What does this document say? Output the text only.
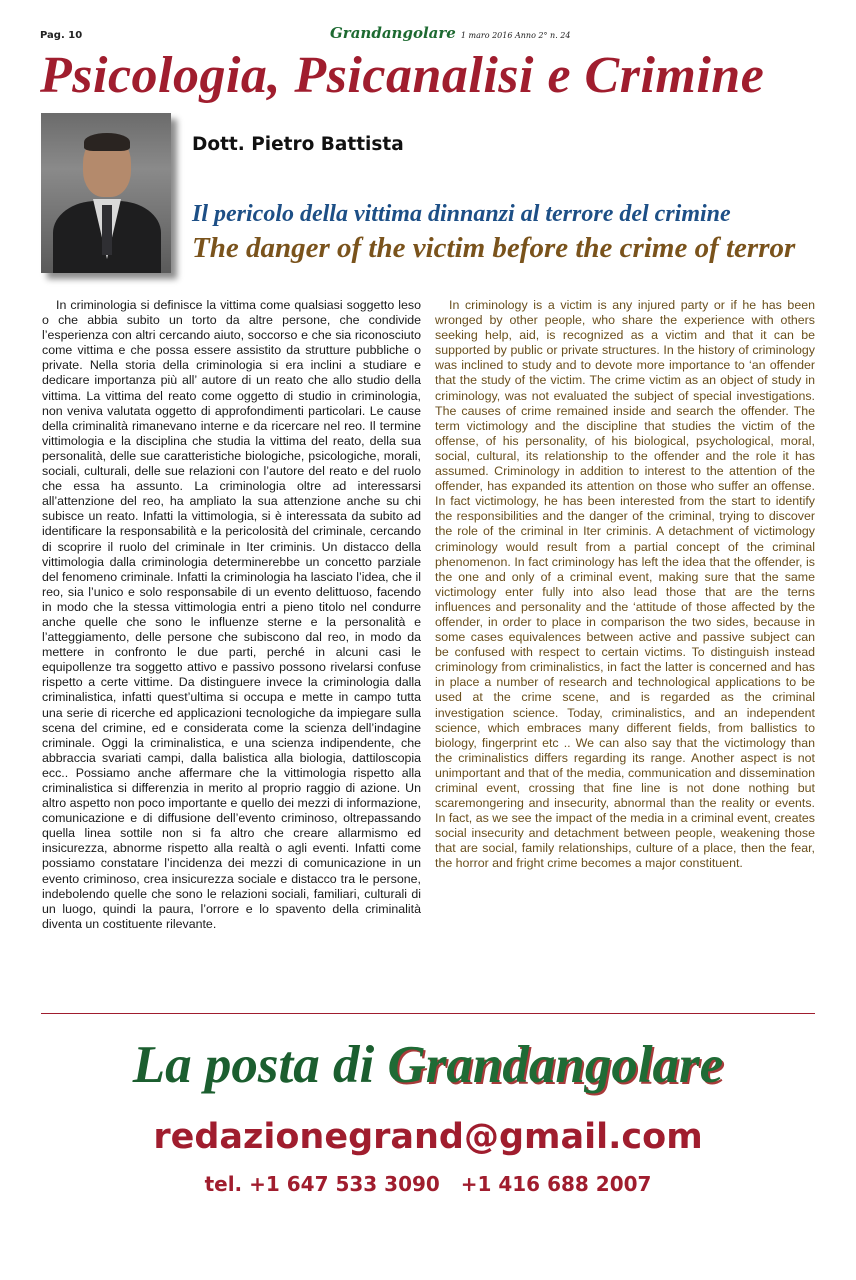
Pag. 10	Grandangolare 1 maro 2016 Anno 2° n. 24
Psicologia, Psicanalisi e Crimine
Dott. Pietro Battista
Il pericolo della vittima dinnanzi al terrore del crimine
The danger of the victim before the crime of terror
In criminologia si definisce la vittima come qualsiasi soggetto leso o che abbia subito un torto da altre persone, che condivide l’esperienza con altri cercando aiuto, soccorso e che sia riconosciuto come vittima e che possa essere assistito da strutture pubbliche o private. Nella storia della criminologia si era inclini a studiare e dedicare importanza più all’ autore di un reato che allo studio della vittima. La vittima del reato come oggetto di studio in criminologia, non veniva valutata oggetto di approfondimenti particolari. Le cause della criminalità rimanevano interne e da ricercare nel reo. Il termine vittimologia e la disciplina che studia la vittima del reato, della sua personalità, delle sue caratteristiche biologiche, psicologiche, morali, sociali, culturali, delle sue relazioni con l’autore del reato e del ruolo che essa ha assunto. La criminologia oltre ad interessarsi all’attenzione del reo, ha ampliato la sua attenzione anche su chi subisce un reato. Infatti la vittimologia, si è interessata da subito ad identificare la responsabilità e la pericolosità del criminale, cercando di scoprire il ruolo del criminale in Iter criminis. Un distacco della vittimologia dalla criminologia determinerebbe un concetto parziale del fenomeno criminale. Infatti la criminologia ha lasciato l’idea, che il reo, sia l’unico e solo responsabile di un evento delittuoso, facendo in modo che la stessa vittimologia entri a pieno titolo nel condurre anche quelle che sono le influenze sterne e la personalità e l’atteggiamento, delle persone che subiscono dal reo, in modo da mettere in confronto le due parti, perché in alcuni casi le equipollenze tra soggetto attivo e passivo possono rivelarsi confuse rispetto a certe vittime. Da distinguere invece la criminologia dalla criminalistica, infatti quest’ultima si occupa e mette in campo tutta una serie di ricerche ed applicazioni tecnologiche da impiegare sulla scena del crimine, ed e considerata come la scienza dell’indagine criminale. Oggi la criminalistica, e una scienza indipendente, che abbraccia svariati campi, dalla balistica alla biologia, dattiloscopia ecc.. Possiamo anche affermare che la vittimologia rispetto alla criminalistica si differenzia in merito al proprio raggio di azione. Un altro aspetto non poco importante e quello dei mezzi di informazione, comunicazione e di diffusione dell’evento criminoso, oltrepassando quella linea sottile non si fa altro che creare allarmismo ed insicurezza, abnorme rispetto alla realtà o agli eventi. Infatti come possiamo constatare l’incidenza dei mezzi di comunicazione in un evento criminoso, crea insicurezza sociale e distacco tra le persone, indebolendo quelle che sono le relazioni sociali, familiari, culturali di un luogo, quindi la paura, l’orrore e lo spavento della criminalità diventa un costituente rilevante.
In criminology is a victim is any injured party or if he has been wronged by other people, who share the experience with others seeking help, aid, is recognized as a victim and that it can be supported by public or private structures. In the history of criminology was inclined to study and to devote more importance to ‘an offender that the study of the victim. The crime victim as an object of study in criminology, was not evaluated the subject of special investigations. The causes of crime remained inside and search the offender. The term victimology and the discipline that studies the victim of the offense, of his personality, of his biological, psychological, moral, social, cultural, its relationship to the offender and the role it has assumed. Criminology in addition to interest to the attention of the offender, has expanded its attention on those who suffer an offense. In fact victimology, he has been interested from the start to identify the responsibilities and the danger of the criminal, trying to discover the role of the criminal in Iter criminis. A detachment of victimology criminology would result from a partial concept of the criminal phenomenon. In fact criminology has left the idea that the offender, is the one and only of a criminal event, making sure that the same victimology enter fully into also lead those that are the terns influences and personality and the ‘attitude of those affected by the offender, in order to place in comparison the two sides, because in some cases equivalences between active and passive subject can be confused with respect to certain victims. To distinguish instead criminology from criminalistics, in fact the latter is concerned and has in place a number of research and technological applications to be used at the crime scene, and is regarded as the criminal investigation science. Today, criminalistics, and an independent science, which embraces many different fields, from ballistics to biology, fingerprint etc .. We can also say that the victimology than the criminalistics differs regarding its range. Another aspect is not unimportant and that of the media, communication and dissemination criminal event, crossing that fine line is not done nothing but scaremongering and insecurity, abnormal than the reality or events. In fact, as we see the impact of the media in a criminal event, creates social insecurity and detachment between people, weakening those that are social, family relationships, culture of a place, then the fear, the horror and fright crime becomes a major constituent.
La posta di Grandangolare
redazionegrand@gmail.com
tel. +1 647 533 3090   +1 416 688 2007
